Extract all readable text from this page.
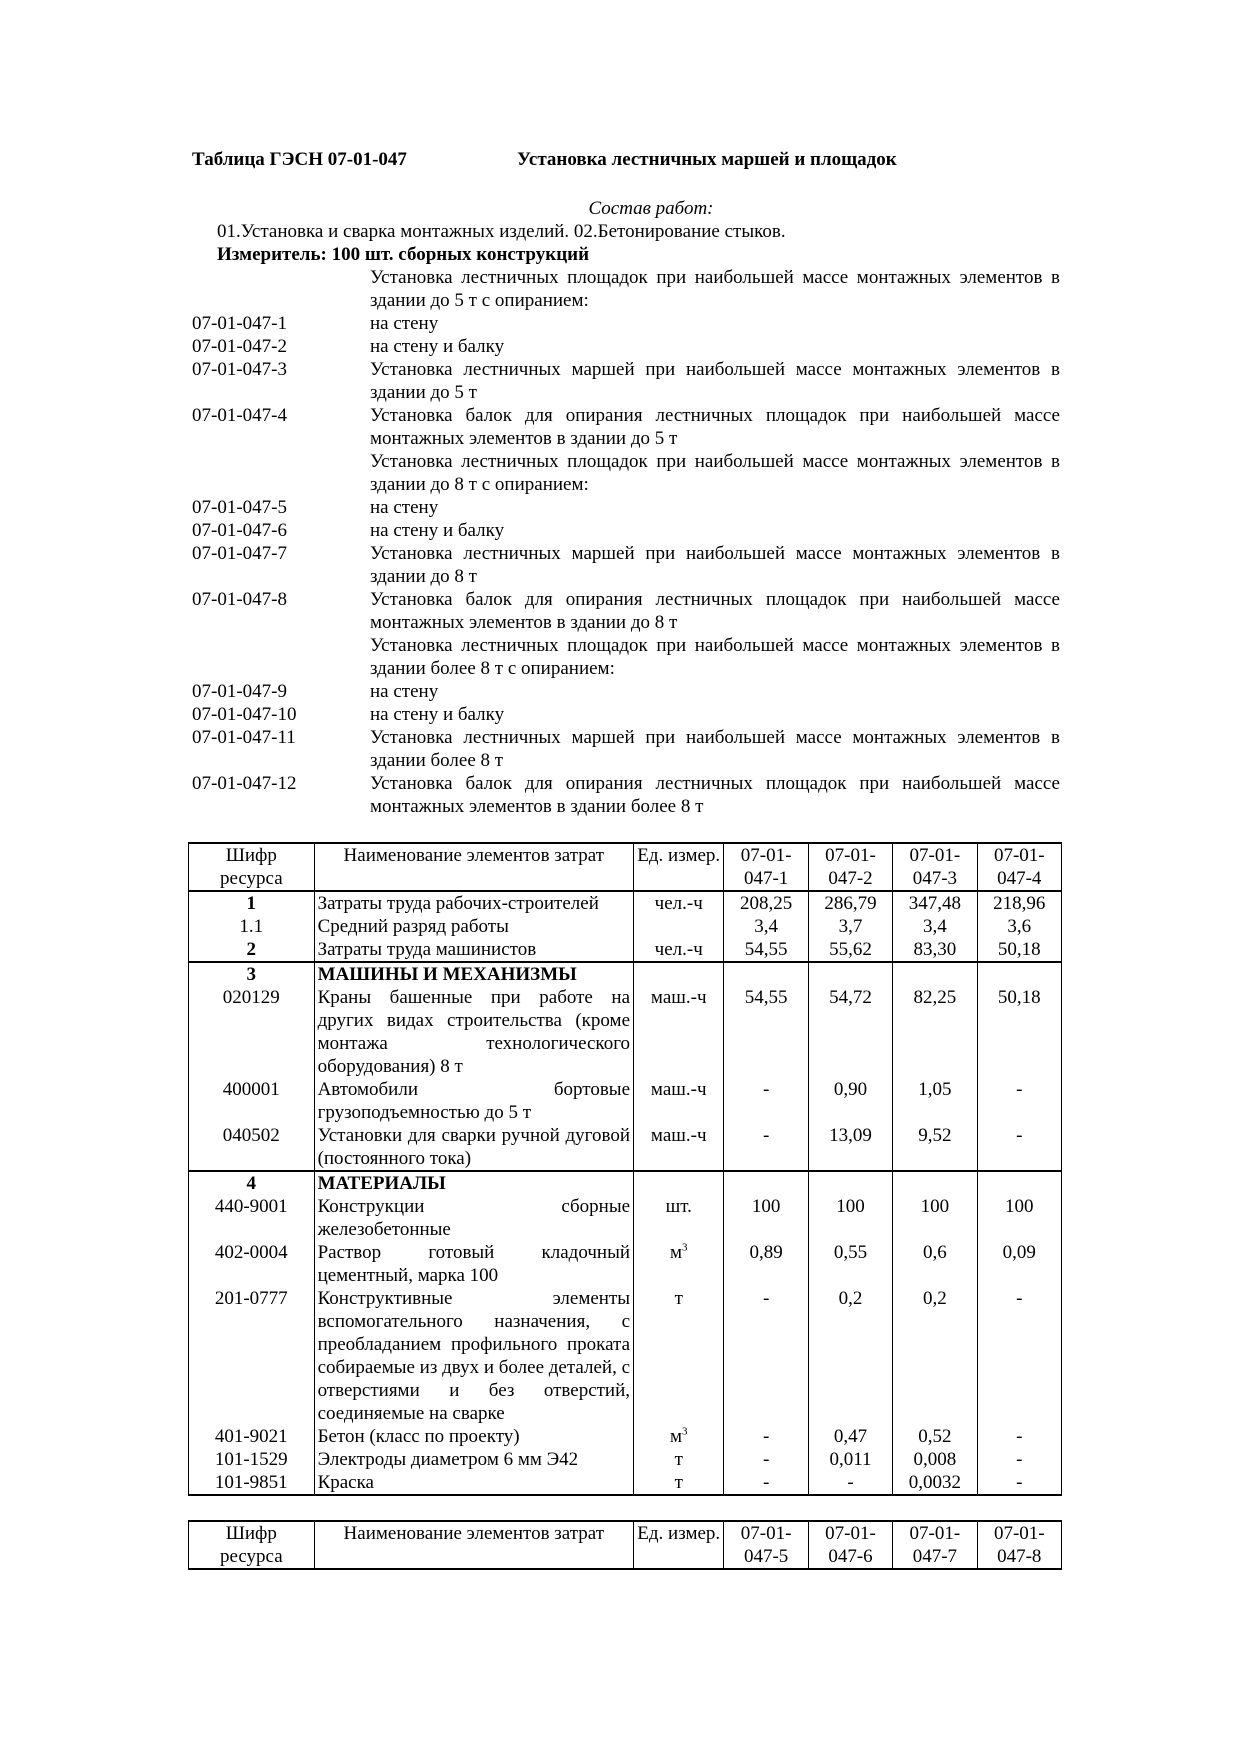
Таблица ГЭСН 07-01-047	Установка лестничных маршей и площадок
Состав работ:
01.Установка и сварка монтажных изделий. 02.Бетонирование стыков.
Измеритель: 100 шт. сборных конструкций
Установка лестничных площадок при наибольшей массе монтажных элементов в здании до 5 т с опиранием:
07-01-047-1	на стену
07-01-047-2	на стену и балку
07-01-047-3	Установка лестничных маршей при наибольшей массе монтажных элементов в здании до 5 т
07-01-047-4	Установка балок для опирания лестничных площадок при наибольшей массе монтажных элементов в здании до 5 т
Установка лестничных площадок при наибольшей массе монтажных элементов в здании до 8 т с опиранием:
07-01-047-5	на стену
07-01-047-6	на стену и балку
07-01-047-7	Установка лестничных маршей при наибольшей массе монтажных элементов в здании до 8 т
07-01-047-8	Установка балок для опирания лестничных площадок при наибольшей массе монтажных элементов в здании до 8 т
Установка лестничных площадок при наибольшей массе монтажных элементов в здании более 8 т с опиранием:
07-01-047-9	на стену
07-01-047-10	на стену и балку
07-01-047-11	Установка лестничных маршей при наибольшей массе монтажных элементов в здании более 8 т
07-01-047-12	Установка балок для опирания лестничных площадок при наибольшей массе монтажных элементов в здании более 8 т
Шифр ресурса	Наименование элементов затрат	Ед. измер.	07-01-047-1	07-01-047-2	07-01-047-3	07-01-047-4
1	Затраты труда рабочих-строителей	чел.-ч	208,25	286,79	347,48	218,96
1.1	Средний разряд работы		3,4	3,7	3,4	3,6
2	Затраты труда машинистов	чел.-ч	54,55	55,62	83,30	50,18
3	МАШИНЫ И МЕХАНИЗМЫ					
020129	Краны башенные при работе на других видах строительства (кроме монтажа технологического оборудования) 8 т	маш.-ч	54,55	54,72	82,25	50,18
400001	Автомобили бортовые грузоподъемностью до 5 т	маш.-ч	-	0,90	1,05	-
040502	Установки для сварки ручной дуговой (постоянного тока)	маш.-ч	-	13,09	9,52	-
4	МАТЕРИАЛЫ					
440-9001	Конструкции сборные железобетонные	шт.	100	100	100	100
402-0004	Раствор готовый кладочный цементный, марка 100	$м^3$	0,89	0,55	0,6	0,09
201-0777	Конструктивные элементы вспомогательного назначения, с преобладанием профильного проката собираемые из двух и более деталей, с отверстиями и без отверстий, соединяемые на сварке	т	-	0,2	0,2	-
401-9021	Бетон (класс по проекту)	$м^3$	-	0,47	0,52	-
101-1529	Электроды диаметром 6 мм Э42	т	-	0,011	0,008	-
101-9851	Краска	т	-	-	0,0032	-
Шифр ресурса	Наименование элементов затрат	Ед. измер.	07-01-047-5	07-01-047-6	07-01-047-7	07-01-047-8
